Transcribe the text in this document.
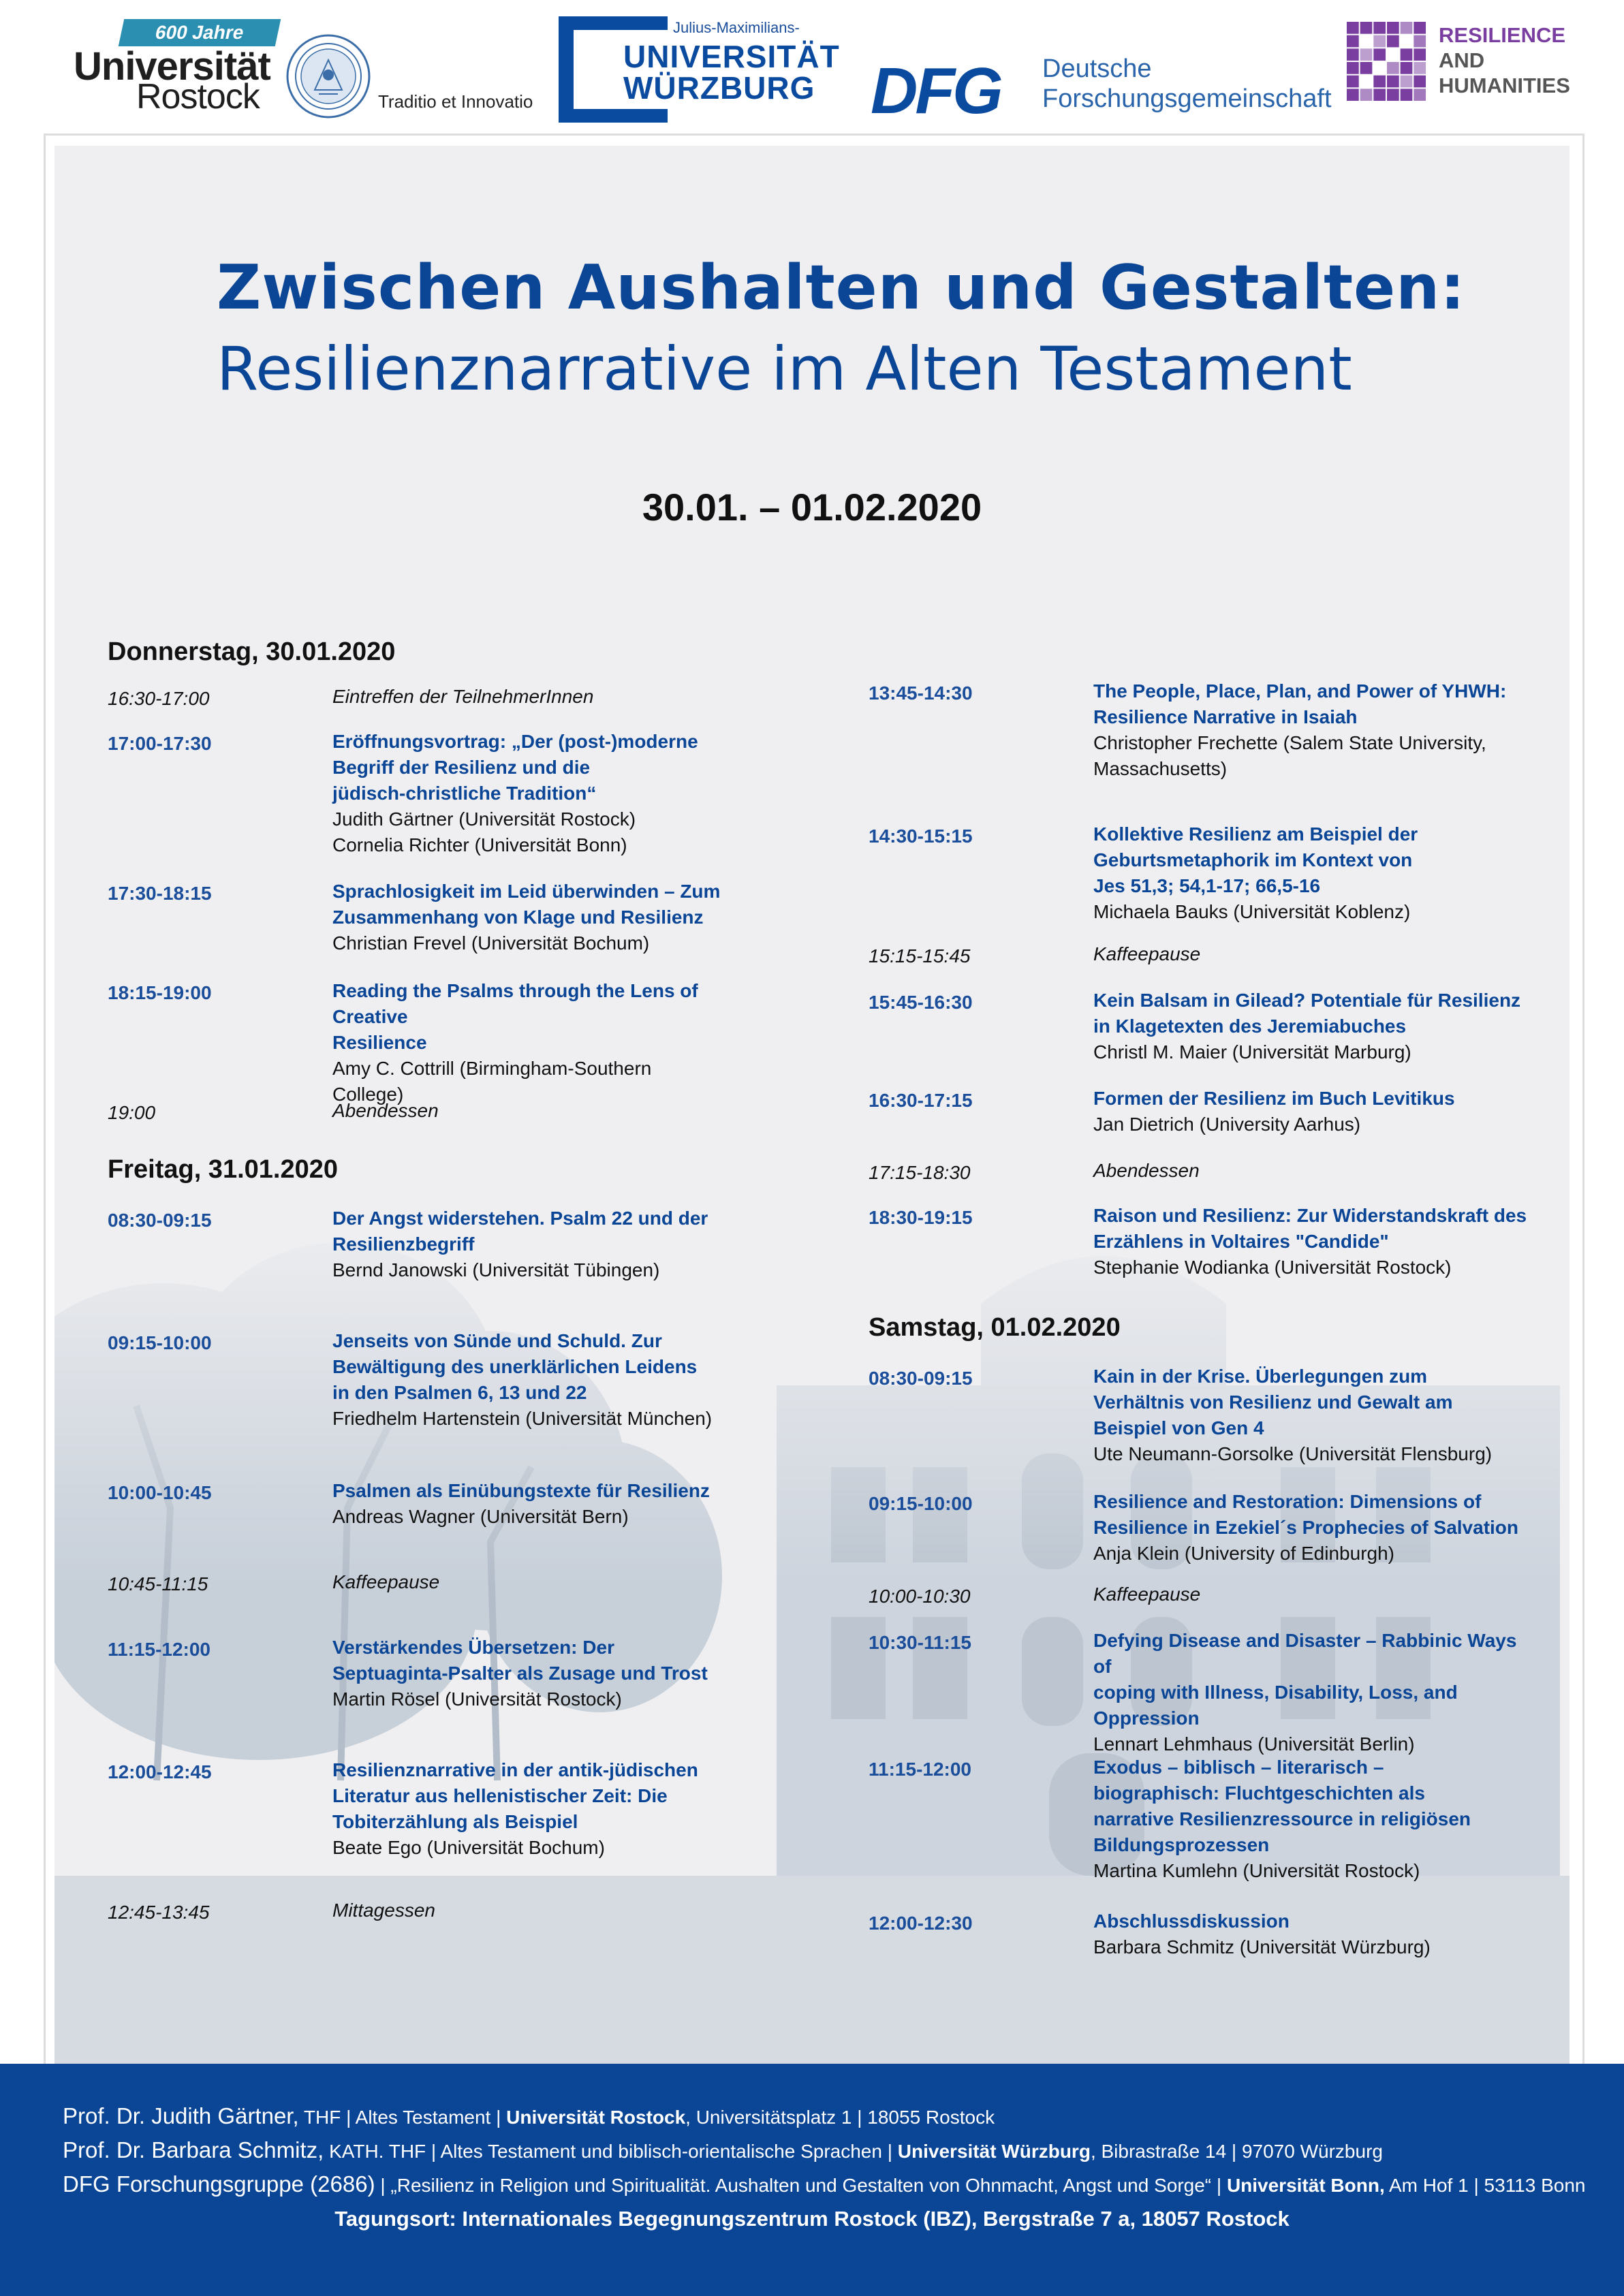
600 Jahre
Universität
Rostock	Traditio et Innovatio
Julius-Maximilians-
UNIVERSITÄT
WÜRZBURG DFG Deutsche
Forschungsgemeinschaft
RESILIENCE
AND
HUMANITIES
Zwischen Aushalten und Gestalten:
Resilienznarrative im Alten Testament
30.01. – 01.02.2020
Donnerstag, 30.01.2020
16:30-17:00	Eintreffen der TeilnehmerInnen
17:00-17:30	Eröffnungsvortrag: „Der (post-)moderne
Begriff der Resilienz und die
jüdisch-christliche Tradition“
Judith Gärtner (Universität Rostock)
Cornelia Richter (Universität Bonn)
17:30-18:15	Sprachlosigkeit im Leid überwinden – Zum
Zusammenhang von Klage und Resilienz
Christian Frevel (Universität Bochum)
18:15-19:00	Reading the Psalms through the Lens of Creative
Resilience
Amy C. Cottrill (Birmingham-Southern
College)
19:00	Abendessen
Freitag, 31.01.2020
08:30-09:15	Der Angst widerstehen. Psalm 22 und der
Resilienzbegriff
Bernd Janowski (Universität Tübingen)
09:15-10:00	Jenseits von Sünde und Schuld. Zur
Bewältigung des unerklärlichen Leidens
in den Psalmen 6, 13 und 22
Friedhelm Hartenstein (Universität München)
10:00-10:45	Psalmen als Einübungstexte für Resilienz
Andreas Wagner (Universität Bern)
10:45-11:15	Kaffeepause
11:15-12:00	Verstärkendes Übersetzen: Der
Septuaginta-Psalter als Zusage und Trost
Martin Rösel (Universität Rostock)
12:00-12:45	Resilienznarrative in der antik-jüdischen
Literatur aus hellenistischer Zeit: Die
Tobiterzählung als Beispiel
Beate Ego (Universität Bochum)
12:45-13:45	Mittagessen
13:45-14:30	The People, Place, Plan, and Power of YHWH:
Resilience Narrative in Isaiah
Christopher Frechette (Salem State University,
Massachusetts)
14:30-15:15	Kollektive Resilienz am Beispiel der
Geburtsmetaphorik im Kontext von
Jes 51,3; 54,1-17; 66,5-16
Michaela Bauks (Universität Koblenz)
15:15-15:45	Kaffeepause
15:45-16:30	Kein Balsam in Gilead? Potentiale für Resilienz
in Klagetexten des Jeremiabuches
Christl M. Maier (Universität Marburg)
16:30-17:15	Formen der Resilienz im Buch Levitikus
Jan Dietrich (University Aarhus)
17:15-18:30	Abendessen
18:30-19:15	Raison und Resilienz: Zur Widerstandskraft des
Erzählens in Voltaires "Candide"
Stephanie Wodianka (Universität Rostock)
Samstag, 01.02.2020
08:30-09:15	Kain in der Krise. Überlegungen zum
Verhältnis von Resilienz und Gewalt am
Beispiel von Gen 4
Ute Neumann-Gorsolke (Universität Flensburg)
09:15-10:00	Resilience and Restoration: Dimensions of
Resilience in Ezekiel´s Prophecies of Salvation
Anja Klein (University of Edinburgh)
10:00-10:30	Kaffeepause
10:30-11:15	Defying Disease and Disaster – Rabbinic Ways of
coping with Illness, Disability, Loss, and
Oppression
Lennart Lehmhaus (Universität Berlin)
11:15-12:00	Exodus – biblisch – literarisch –
biographisch: Fluchtgeschichten als
narrative Resilienzressource in religiösen
Bildungsprozessen
Martina Kumlehn (Universität Rostock)
12:00-12:30	Abschlussdiskussion
Barbara Schmitz (Universität Würzburg)
Prof. Dr. Judith Gärtner, THF | Altes Testament | Universität Rostock, Universitätsplatz 1 | 18055 Rostock
Prof. Dr. Barbara Schmitz, KATH. THF | Altes Testament und biblisch-orientalische Sprachen | Universität Würzburg, Bibrastraße 14 | 97070 Würzburg
DFG Forschungsgruppe (2686) | „Resilienz in Religion und Spiritualität. Aushalten und Gestalten von Ohnmacht, Angst und Sorge“ | Universität Bonn, Am Hof 1 | 53113 Bonn
Tagungsort: Internationales Begegnungszentrum Rostock (IBZ), Bergstraße 7 a, 18057 Rostock
